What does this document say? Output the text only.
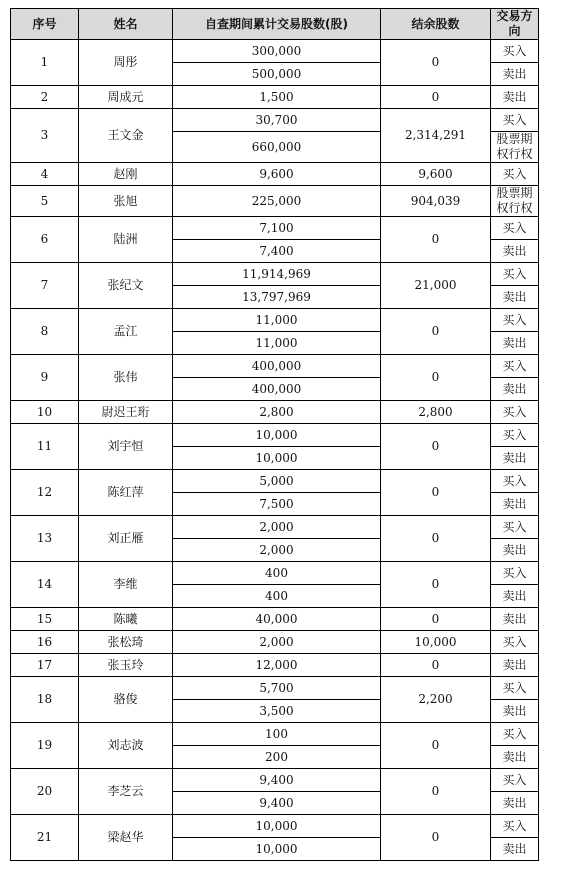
序号	姓名	自查期间累计交易股数(股)	结余股数	交易方向
1	周彤	300,000	0	买入
		500,000		卖出
2	周成元	1,500	0	卖出
3	王文金	30,700	2,314,291	买入
		660,000		股票期权行权
4	赵刚	9,600	9,600	买入
5	张旭	225,000	904,039	股票期权行权
6	陆洲	7,100	0	买入
		7,400		卖出
7	张纪文	11,914,969	21,000	买入
		13,797,969		卖出
8	孟江	11,000	0	买入
		11,000		卖出
9	张伟	400,000	0	买入
		400,000		卖出
10	尉迟王珩	2,800	2,800	买入
11	刘宇恒	10,000	0	买入
		10,000		卖出
12	陈红萍	5,000	0	买入
		7,500		卖出
13	刘正雁	2,000	0	买入
		2,000		卖出
14	李维	400	0	买入
		400		卖出
15	陈曦	40,000	0	卖出
16	张松琦	2,000	10,000	买入
17	张玉玲	12,000	0	卖出
18	骆俊	5,700	2,200	买入
		3,500		卖出
19	刘志波	100	0	买入
		200		卖出
20	李芝云	9,400	0	买入
		9,400		卖出
21	梁赵华	10,000	0	买入
		10,000		卖出
